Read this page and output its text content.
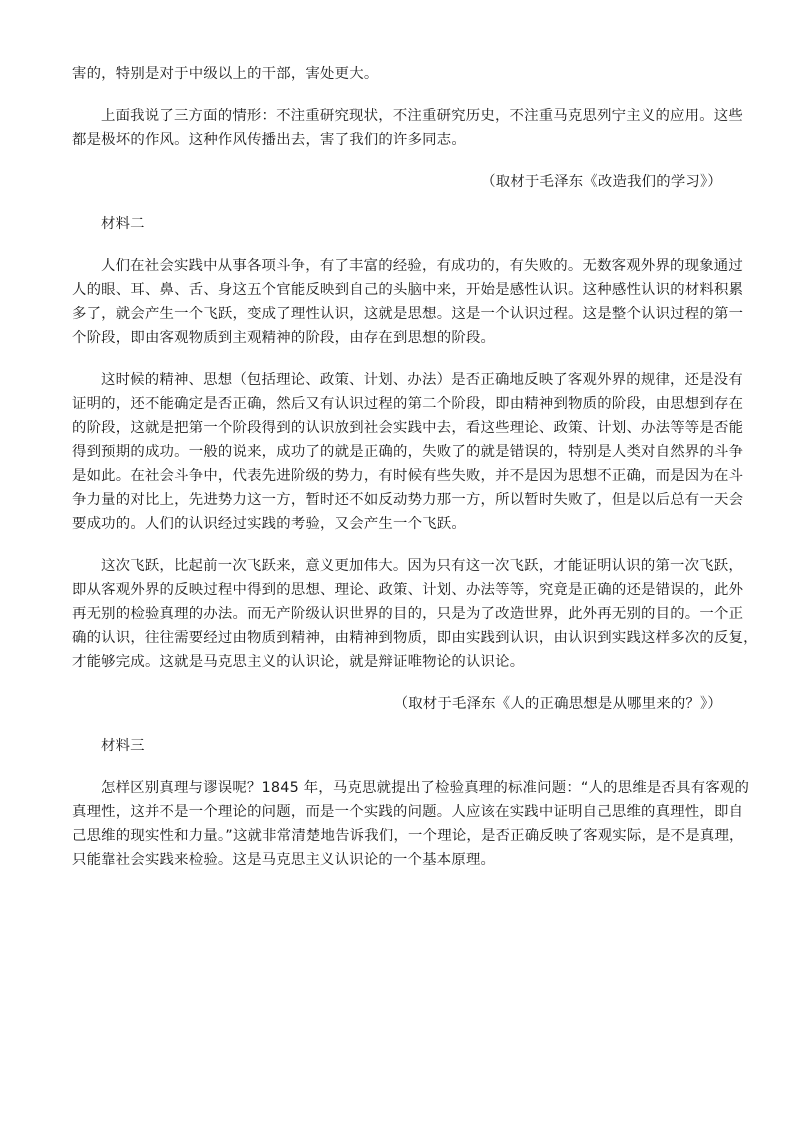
害的，特别是对于中级以上的干部，害处更大。

上面我说了三方面的情形：不注重研究现状，不注重研究历史，不注重马克思列宁主义的应用。这些

都是极坏的作风。这种作风传播出去，害了我们的许多同志。

（取材于毛泽东《改造我们的学习》）

材料二

人们在社会实践中从事各项斗争，有了丰富的经验，有成功的，有失败的。无数客观外界的现象通过

人的眼、耳、鼻、舌、身这五个官能反映到自己的头脑中来，开始是感性认识。这种感性认识的材料积累

多了，就会产生一个飞跃，变成了理性认识，这就是思想。这是一个认识过程。这是整个认识过程的第一

个阶段，即由客观物质到主观精神的阶段，由存在到思想的阶段。

这时候的精神、思想（包括理论、政策、计划、办法）是否正确地反映了客观外界的规律，还是没有

证明的，还不能确定是否正确，然后又有认识过程的第二个阶段，即由精神到物质的阶段，由思想到存在

的阶段，这就是把第一个阶段得到的认识放到社会实践中去，看这些理论、政策、计划、办法等等是否能

得到预期的成功。一般的说来，成功了的就是正确的，失败了的就是错误的，特别是人类对自然界的斗争

是如此。在社会斗争中，代表先进阶级的势力，有时候有些失败，并不是因为思想不正确，而是因为在斗

争力量的对比上，先进势力这一方，暂时还不如反动势力那一方，所以暂时失败了，但是以后总有一天会

要成功的。人们的认识经过实践的考验，又会产生一个飞跃。

这次飞跃，比起前一次飞跃来，意义更加伟大。因为只有这一次飞跃，才能证明认识的第一次飞跃，

即从客观外界的反映过程中得到的思想、理论、政策、计划、办法等等，究竟是正确的还是错误的，此外

再无别的检验真理的办法。而无产阶级认识世界的目的，只是为了改造世界，此外再无别的目的。一个正

确的认识，往往需要经过由物质到精神，由精神到物质，即由实践到认识，由认识到实践这样多次的反复，

才能够完成。这就是马克思主义的认识论，就是辩证唯物论的认识论。

（取材于毛泽东《人的正确思想是从哪里来的？》）

材料三

怎样区别真理与谬误呢？1845 年，马克思就提出了检验真理的标准问题：“人的思维是否具有客观的

真理性，这并不是一个理论的问题，而是一个实践的问题。人应该在实践中证明自己思维的真理性，即自

己思维的现实性和力量。”这就非常清楚地告诉我们，一个理论，是否正确反映了客观实际，是不是真理，

只能靠社会实践来检验。这是马克思主义认识论的一个基本原理。
